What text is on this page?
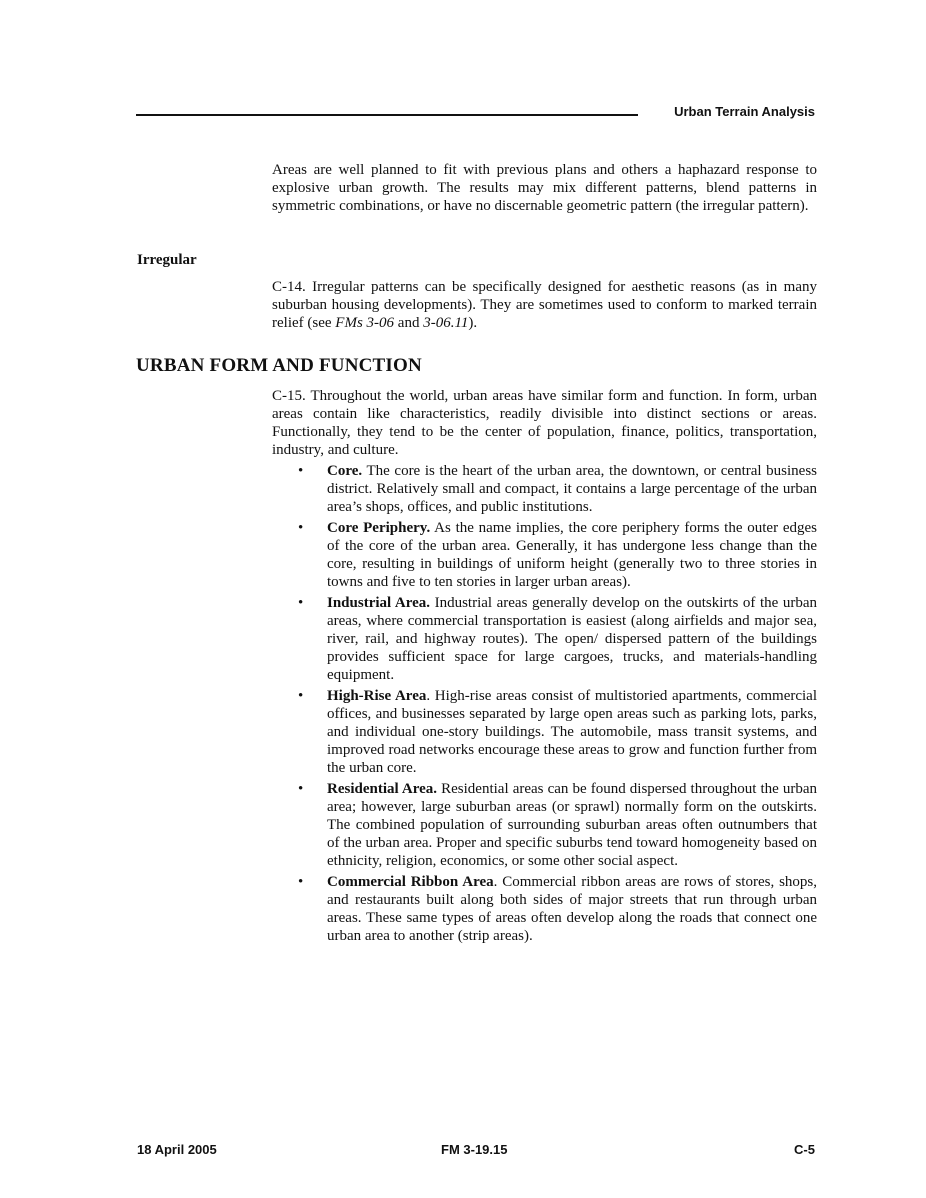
Urban Terrain Analysis

Areas are well planned to fit with previous plans and others a haphazard response to explosive urban growth. The results may mix different patterns, blend patterns in symmetric combinations, or have no discernable geometric pattern (the irregular pattern).

Irregular

C-14. Irregular patterns can be specifically designed for aesthetic reasons (as in many suburban housing developments). They are sometimes used to conform to marked terrain relief (see FMs 3-06 and 3-06.11).

URBAN FORM AND FUNCTION

C-15. Throughout the world, urban areas have similar form and function. In form, urban areas contain like characteristics, readily divisible into distinct sections or areas. Functionally, they tend to be the center of population, finance, politics, transportation, industry, and culture.

• Core. The core is the heart of the urban area, the downtown, or central business district. Relatively small and compact, it contains a large percentage of the urban area’s shops, offices, and public institutions.
• Core Periphery. As the name implies, the core periphery forms the outer edges of the core of the urban area. Generally, it has undergone less change than the core, resulting in buildings of uniform height (generally two to three stories in towns and five to ten stories in larger urban areas).
• Industrial Area. Industrial areas generally develop on the outskirts of the urban areas, where commercial transportation is easiest (along airfields and major sea, river, rail, and highway routes). The open/ dispersed pattern of the buildings provides sufficient space for large cargoes, trucks, and materials-handling equipment.
• High-Rise Area. High-rise areas consist of multistoried apartments, commercial offices, and businesses separated by large open areas such as parking lots, parks, and individual one-story buildings. The automobile, mass transit systems, and improved road networks encourage these areas to grow and function further from the urban core.
• Residential Area. Residential areas can be found dispersed throughout the urban area; however, large suburban areas (or sprawl) normally form on the outskirts. The combined population of surrounding suburban areas often outnumbers that of the urban area. Proper and specific suburbs tend toward homogeneity based on ethnicity, religion, economics, or some other social aspect.
• Commercial Ribbon Area. Commercial ribbon areas are rows of stores, shops, and restaurants built along both sides of major streets that run through urban areas. These same types of areas often develop along the roads that connect one urban area to another (strip areas).
18 April 2005	FM 3-19.15	C-5
